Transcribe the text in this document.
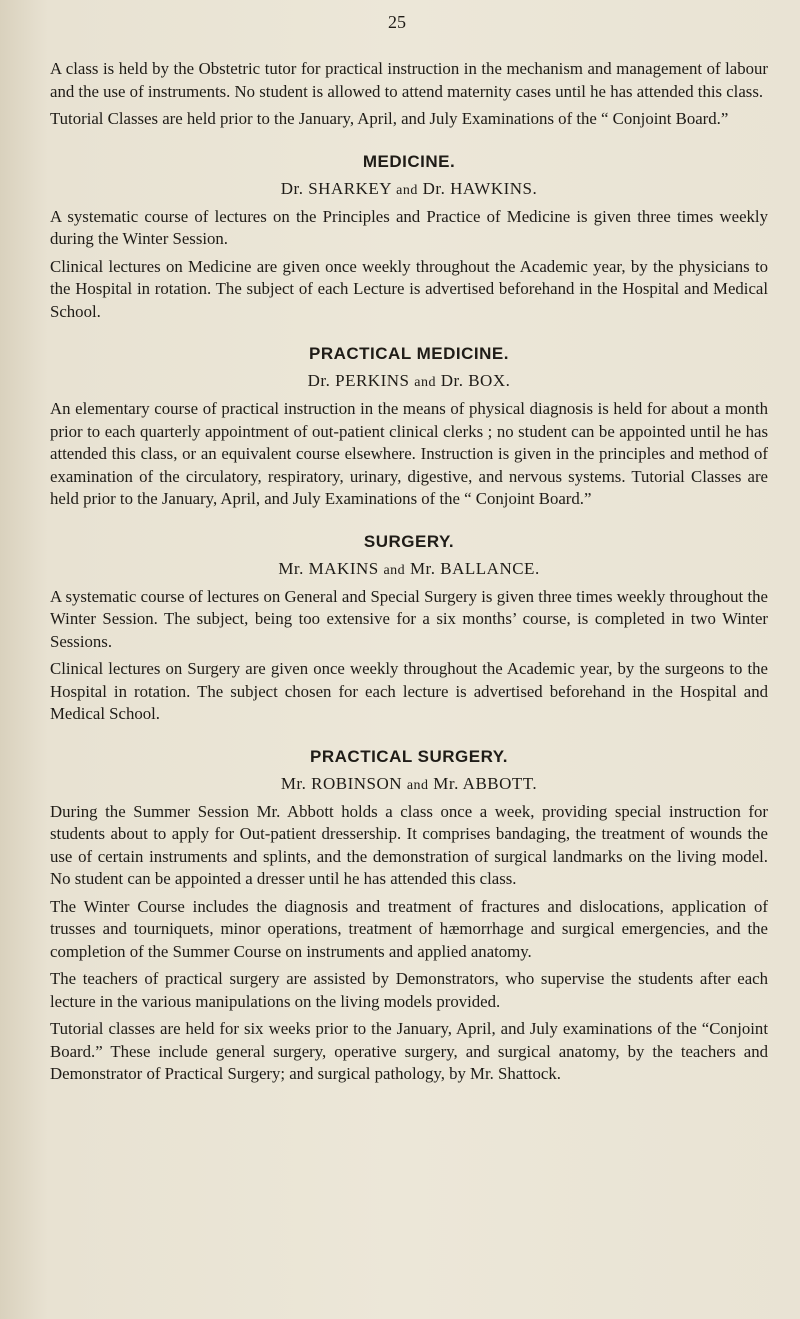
25

A class is held by the Obstetric tutor for practical instruction in the mechanism and management of labour and the use of instruments. No student is allowed to attend maternity cases until he has attended this class.

Tutorial Classes are held prior to the January, April, and July Examinations of the “ Conjoint Board.”

MEDICINE.
Dr. SHARKEY and Dr. HAWKINS.

A systematic course of lectures on the Principles and Practice of Medicine is given three times weekly during the Winter Session.

Clinical lectures on Medicine are given once weekly throughout the Academic year, by the physicians to the Hospital in rotation. The subject of each Lecture is advertised beforehand in the Hospital and Medical School.

PRACTICAL MEDICINE.
Dr. PERKINS and Dr. BOX.

An elementary course of practical instruction in the means of physical diagnosis is held for about a month prior to each quarterly appointment of out-patient clinical clerks ; no student can be appointed until he has attended this class, or an equivalent course elsewhere. Instruction is given in the principles and method of examination of the circulatory, respiratory, urinary, digestive, and nervous systems. Tutorial Classes are held prior to the January, April, and July Examinations of the “ Conjoint Board.”

SURGERY.
Mr. MAKINS and Mr. BALLANCE.

A systematic course of lectures on General and Special Surgery is given three times weekly throughout the Winter Session. The subject, being too extensive for a six months’ course, is completed in two Winter Sessions.

Clinical lectures on Surgery are given once weekly throughout the Academic year, by the surgeons to the Hospital in rotation. The subject chosen for each lecture is advertised beforehand in the Hospital and Medical School.

PRACTICAL SURGERY.
Mr. ROBINSON and Mr. ABBOTT.

During the Summer Session Mr. Abbott holds a class once a week, providing special instruction for students about to apply for Out-patient dressership. It comprises bandaging, the treatment of wounds the use of certain instruments and splints, and the demonstration of surgical landmarks on the living model. No student can be appointed a dresser until he has attended this class.

The Winter Course includes the diagnosis and treatment of fractures and dislocations, application of trusses and tourniquets, minor operations, treatment of hæmorrhage and surgical emergencies, and the completion of the Summer Course on instruments and applied anatomy.

The teachers of practical surgery are assisted by Demonstrators, who supervise the students after each lecture in the various manipulations on the living models provided.

Tutorial classes are held for six weeks prior to the January, April, and July examinations of the “Conjoint Board.” These include general surgery, operative surgery, and surgical anatomy, by the teachers and Demonstrator of Practical Surgery; and surgical pathology, by Mr. Shattock.
